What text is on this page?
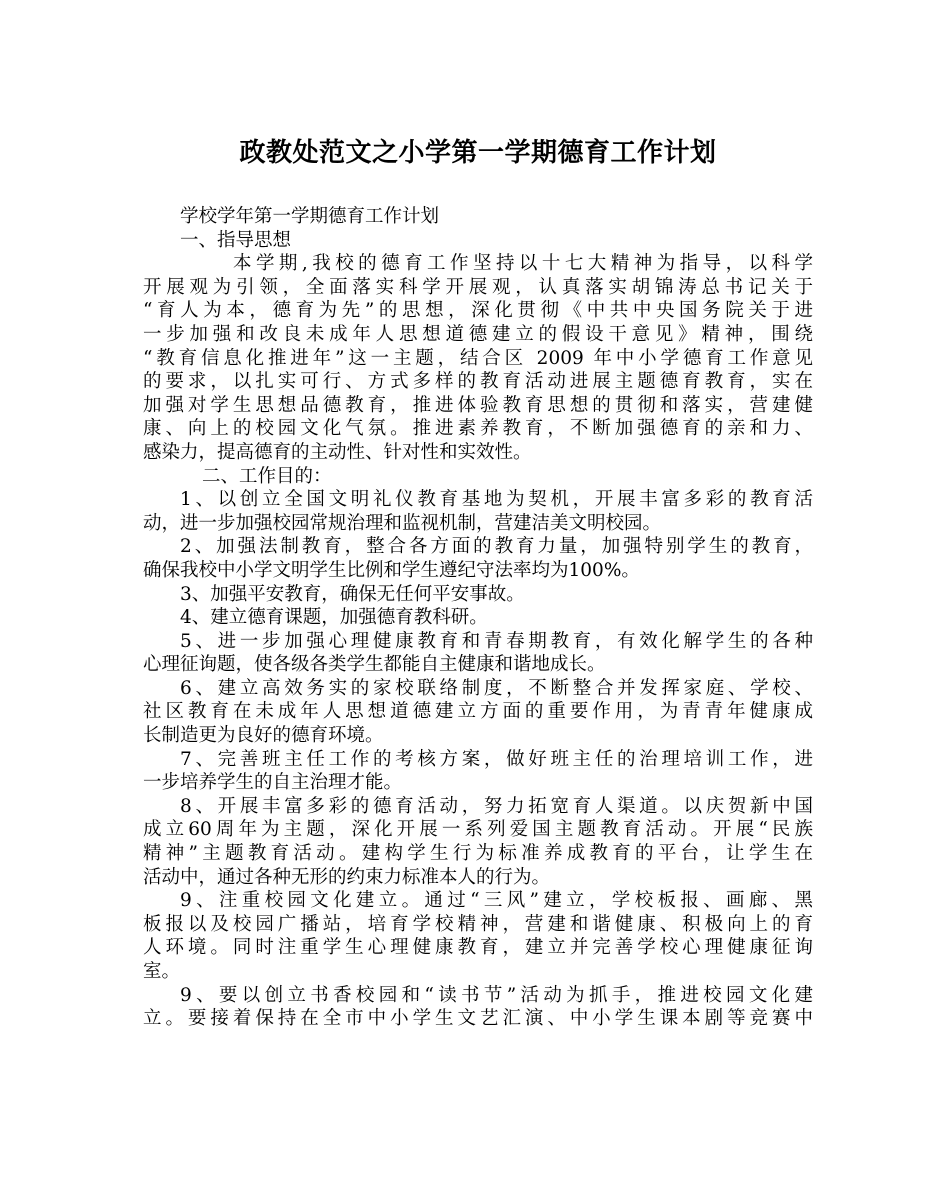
政教处范文之小学第一学期德育工作计划
学校学年第一学期德育工作计划
一、指导思想
本学期,我校的德育工作坚持以十七大精神为指导，以科学
开展观为引领，全面落实科学开展观，认真落实胡锦涛总书记关于
“育人为本，德育为先”的思想，深化贯彻《中共中央国务院关于进
一步加强和改良未成年人思想道德建立的假设干意见》精神，围绕
“教育信息化推进年”这一主题，结合区 2009 年中小学德育工作意见
的要求，以扎实可行、方式多样的教育活动进展主题德育教育，实在
加强对学生思想品德教育，推进体验教育思想的贯彻和落实，营建健
康、向上的校园文化气氛。推进素养教育，不断加强德育的亲和力、
感染力，提高德育的主动性、针对性和实效性。
二、工作目的：
1、以创立全国文明礼仪教育基地为契机，开展丰富多彩的教育活
动，进一步加强校园常规治理和监视机制，营建洁美文明校园。
2、加强法制教育，整合各方面的教育力量，加强特别学生的教育，
确保我校中小学文明学生比例和学生遵纪守法率均为100%。
3、加强平安教育，确保无任何平安事故。
4、建立德育课题，加强德育教科研。
5、进一步加强心理健康教育和青春期教育，有效化解学生的各种
心理征询题，使各级各类学生都能自主健康和谐地成长。
6、建立高效务实的家校联络制度，不断整合并发挥家庭、学校、
社区教育在未成年人思想道德建立方面的重要作用，为青青年健康成
长制造更为良好的德育环境。
7、完善班主任工作的考核方案，做好班主任的治理培训工作，进
一步培养学生的自主治理才能。
8、开展丰富多彩的德育活动，努力拓宽育人渠道。以庆贺新中国
成立60周年为主题，深化开展一系列爱国主题教育活动。开展“民族
精神”主题教育活动。建构学生行为标准养成教育的平台，让学生在
活动中，通过各种无形的约束力标准本人的行为。
9、注重校园文化建立。通过“三风”建立，学校板报、画廊、黑
板报以及校园广播站，培育学校精神，营建和谐健康、积极向上的育
人环境。同时注重学生心理健康教育，建立并完善学校心理健康征询
室。
9、要以创立书香校园和“读书节”活动为抓手，推进校园文化建
立。要接着保持在全市中小学生文艺汇演、中小学生课本剧等竞赛中
